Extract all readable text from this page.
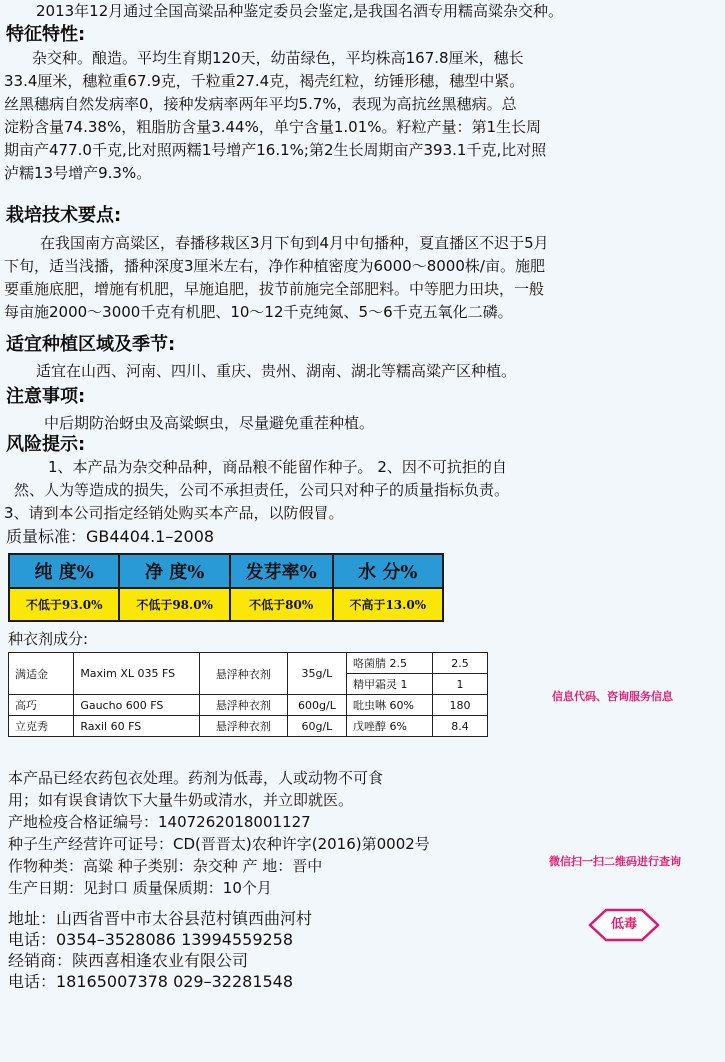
2013年12月通过全国高粱品种鉴定委员会鉴定,是我国名酒专用糯高粱杂交种。
特征特性:
杂交种。酿造。平均生育期120天，幼苗绿色，平均株高167.8厘米，穗长
33.4厘米，穗粒重67.9克，千粒重27.4克，褐壳红粒，纺锤形穗，穗型中紧。
丝黑穗病自然发病率0，接种发病率两年平均5.7%，表现为高抗丝黑穗病。总
淀粉含量74.38%，粗脂肪含量3.44%，单宁含量1.01%。籽粒产量：第1生长周
期亩产477.0千克,比对照两糯1号增产16.1%;第2生长周期亩产393.1千克,比对照
泸糯13号增产9.3%。
栽培技术要点:
在我国南方高粱区，春播移栽区3月下旬到4月中旬播种，夏直播区不迟于5月
下旬，适当浅播，播种深度3厘米左右，净作种植密度为6000～8000株/亩。施肥
要重施底肥，增施有机肥，早施追肥，拔节前施完全部肥料。中等肥力田块，一般
每亩施2000～3000千克有机肥、10～12千克纯氮、5～6千克五氧化二磷。
适宜种植区域及季节:
适宜在山西、河南、四川、重庆、贵州、湖南、湖北等糯高粱产区种植。
注意事项:
中后期防治蚜虫及高粱螟虫，尽量避免重茬种植。
风险提示:
1、本产品为杂交种品种，商品粮不能留作种子。 2、因不可抗拒的自
然、人为等造成的损失，公司不承担责任，公司只对种子的质量指标负责。
3、请到本公司指定经销处购买本产品，以防假冒。
质量标准：GB4404.1–2008
纯 度%	净 度%	发芽率%	水 分%
不低于93.0%	不低于98.0%	不低于80%	不高于13.0%
种衣剂成分:
满适金	Maxim XL 035 FS	悬浮种衣剂	35g/L	咯菌腈 2.5	2.5
				精甲霜灵 1	1
高巧	Gaucho 600 FS	悬浮种衣剂	600g/L	吡虫啉 60%	180
立克秀	Raxil 60 FS	悬浮种衣剂	60g/L	戊唑醇 6%	8.4
信息代码、咨询服务信息
微信扫一扫二维码进行查询
低毒
本产品已经农药包衣处理。药剂为低毒，人或动物不可食
用；如有误食请饮下大量牛奶或清水，并立即就医。
产地检疫合格证编号：1407262018001127
种子生产经营许可证号：CD(晋晋太)农种许字(2016)第0002号
作物种类：高粱 种子类别：杂交种 产 地：晋中
生产日期：见封口 质量保质期：10个月
地址：山西省晋中市太谷县范村镇西曲河村
电话：0354–3528086 13994559258
经销商：陕西喜相逢农业有限公司
电话：18165007378 029–32281548
